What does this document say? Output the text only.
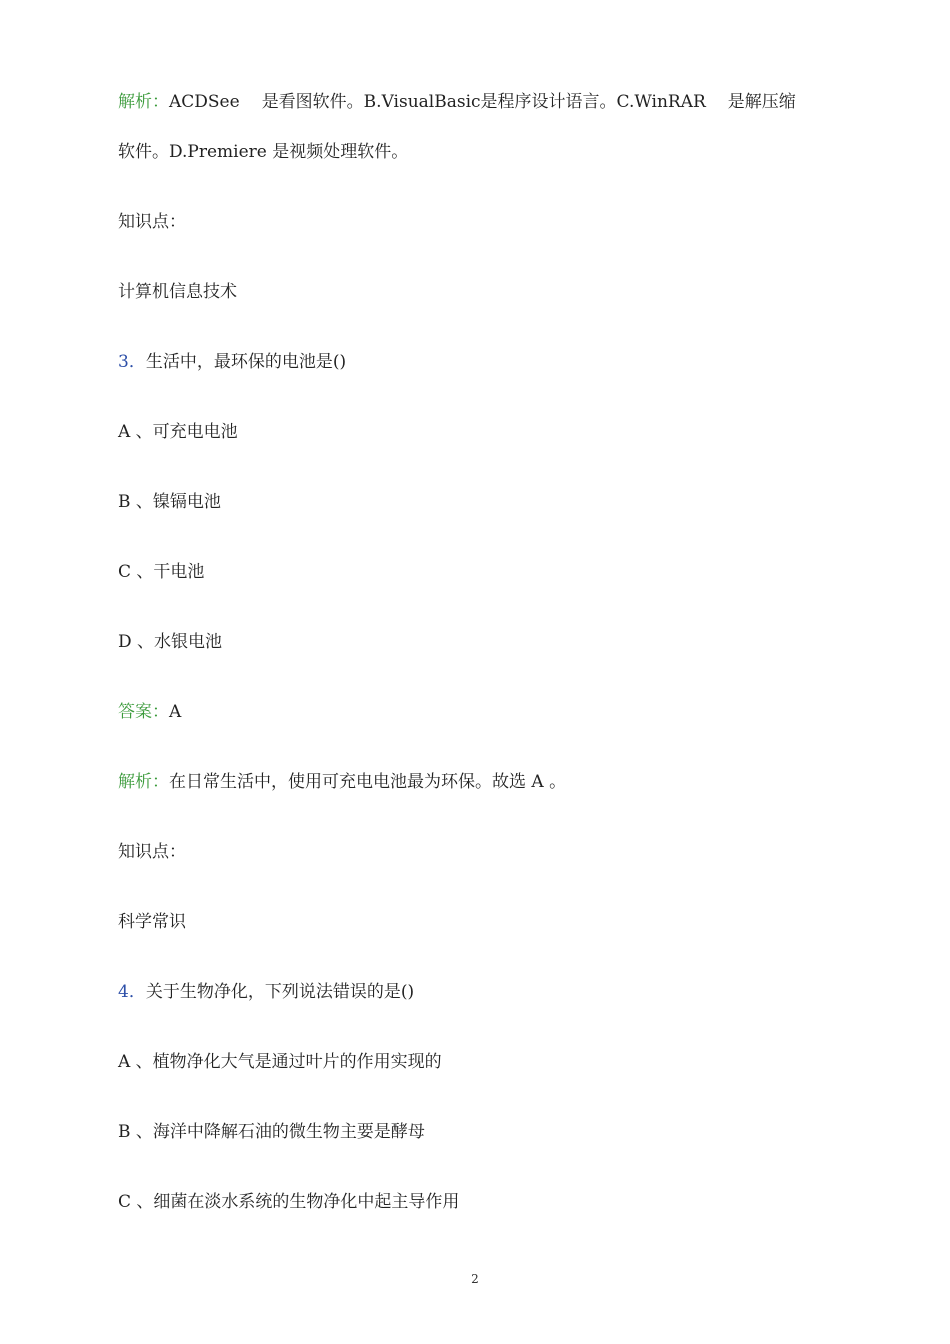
解析：ACDSee 是看图软件。B.VisualBasic是程序设计语言。C.WinRAR 是解压缩
软件。D.Premiere 是视频处理软件。
知识点：
计算机信息技术
3．生活中，最环保的电池是()
A 、可充电电池
B 、镍镉电池
C 、干电池
D 、水银电池
答案：A
解析：在日常生活中，使用可充电电池最为环保。故选 A 。
知识点：
科学常识
4．关于生物净化，下列说法错误的是()
A 、植物净化大气是通过叶片的作用实现的
B 、海洋中降解石油的微生物主要是酵母
C 、细菌在淡水系统的生物净化中起主导作用
2
